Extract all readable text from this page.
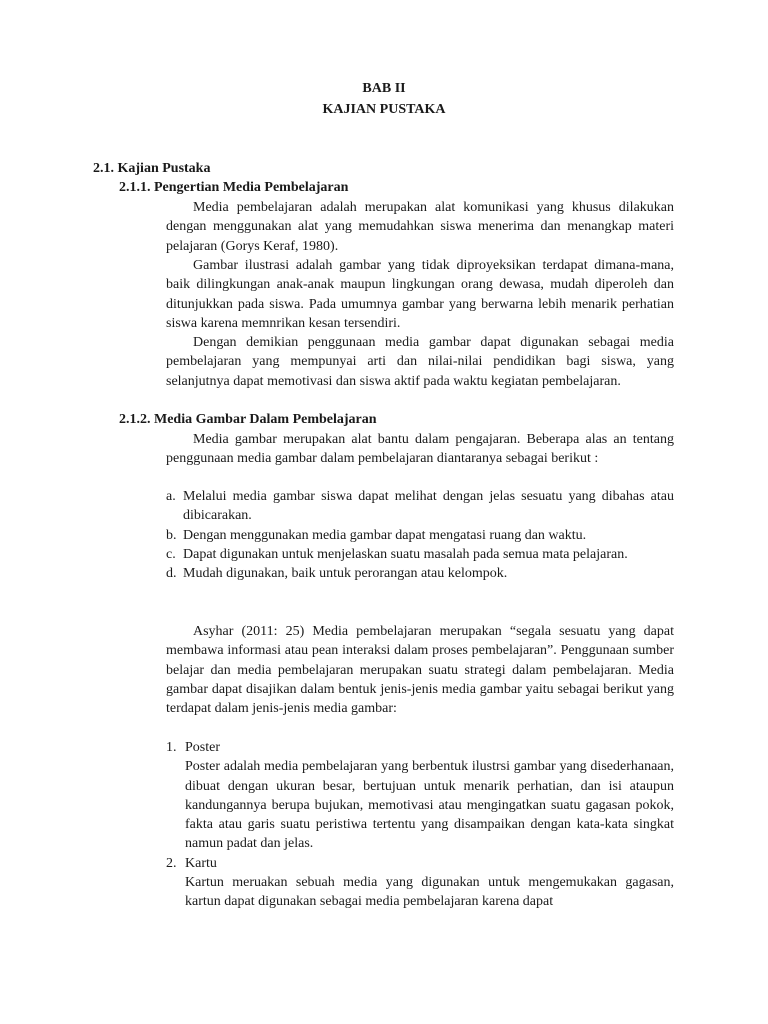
BAB II
KAJIAN PUSTAKA
2.1. Kajian Pustaka
2.1.1. Pengertian Media Pembelajaran

Media pembelajaran adalah merupakan alat komunikasi yang khusus dilakukan dengan menggunakan alat yang memudahkan siswa menerima dan menangkap materi pelajaran (Gorys Keraf, 1980).

Gambar ilustrasi adalah gambar yang tidak diproyeksikan terdapat dimana-mana, baik dilingkungan anak-anak maupun lingkungan orang dewasa, mudah diperoleh dan ditunjukkan pada siswa. Pada umumnya gambar yang berwarna lebih menarik perhatian siswa karena memnrikan kesan tersendiri.

Dengan demikian penggunaan media gambar dapat digunakan sebagai media pembelajaran yang mempunyai arti dan nilai-nilai pendidikan bagi siswa, yang selanjutnya dapat memotivasi dan siswa aktif pada waktu kegiatan pembelajaran.

2.1.2. Media Gambar Dalam Pembelajaran

Media gambar merupakan alat bantu dalam pengajaran. Beberapa alas an tentang penggunaan media gambar dalam pembelajaran diantaranya sebagai berikut :

a. Melalui media gambar siswa dapat melihat dengan jelas sesuatu yang dibahas atau dibicarakan.
b. Dengan menggunakan media gambar dapat mengatasi ruang dan waktu.
c. Dapat digunakan untuk menjelaskan suatu masalah pada semua mata pelajaran.
d. Mudah digunakan, baik untuk perorangan atau kelompok.

Asyhar (2011: 25) Media pembelajaran merupakan “segala sesuatu yang dapat membawa informasi atau pean interaksi dalam proses pembelajaran”. Penggunaan sumber belajar dan media pembelajaran merupakan suatu strategi dalam pembelajaran. Media gambar dapat disajikan dalam bentuk jenis-jenis media gambar yaitu sebagai berikut yang terdapat dalam jenis-jenis media gambar:

1. Poster
Poster adalah media pembelajaran yang berbentuk ilustrsi gambar yang disederhanaan, dibuat dengan ukuran besar, bertujuan untuk menarik perhatian, dan isi ataupun kandungannya berupa bujukan, memotivasi atau mengingatkan suatu gagasan pokok, fakta atau garis suatu peristiwa tertentu yang disampaikan dengan kata-kata singkat namun padat dan jelas.
2. Kartu
Kartun meruakan sebuah media yang digunakan untuk mengemukakan gagasan, kartun dapat digunakan sebagai media pembelajaran karena dapat
